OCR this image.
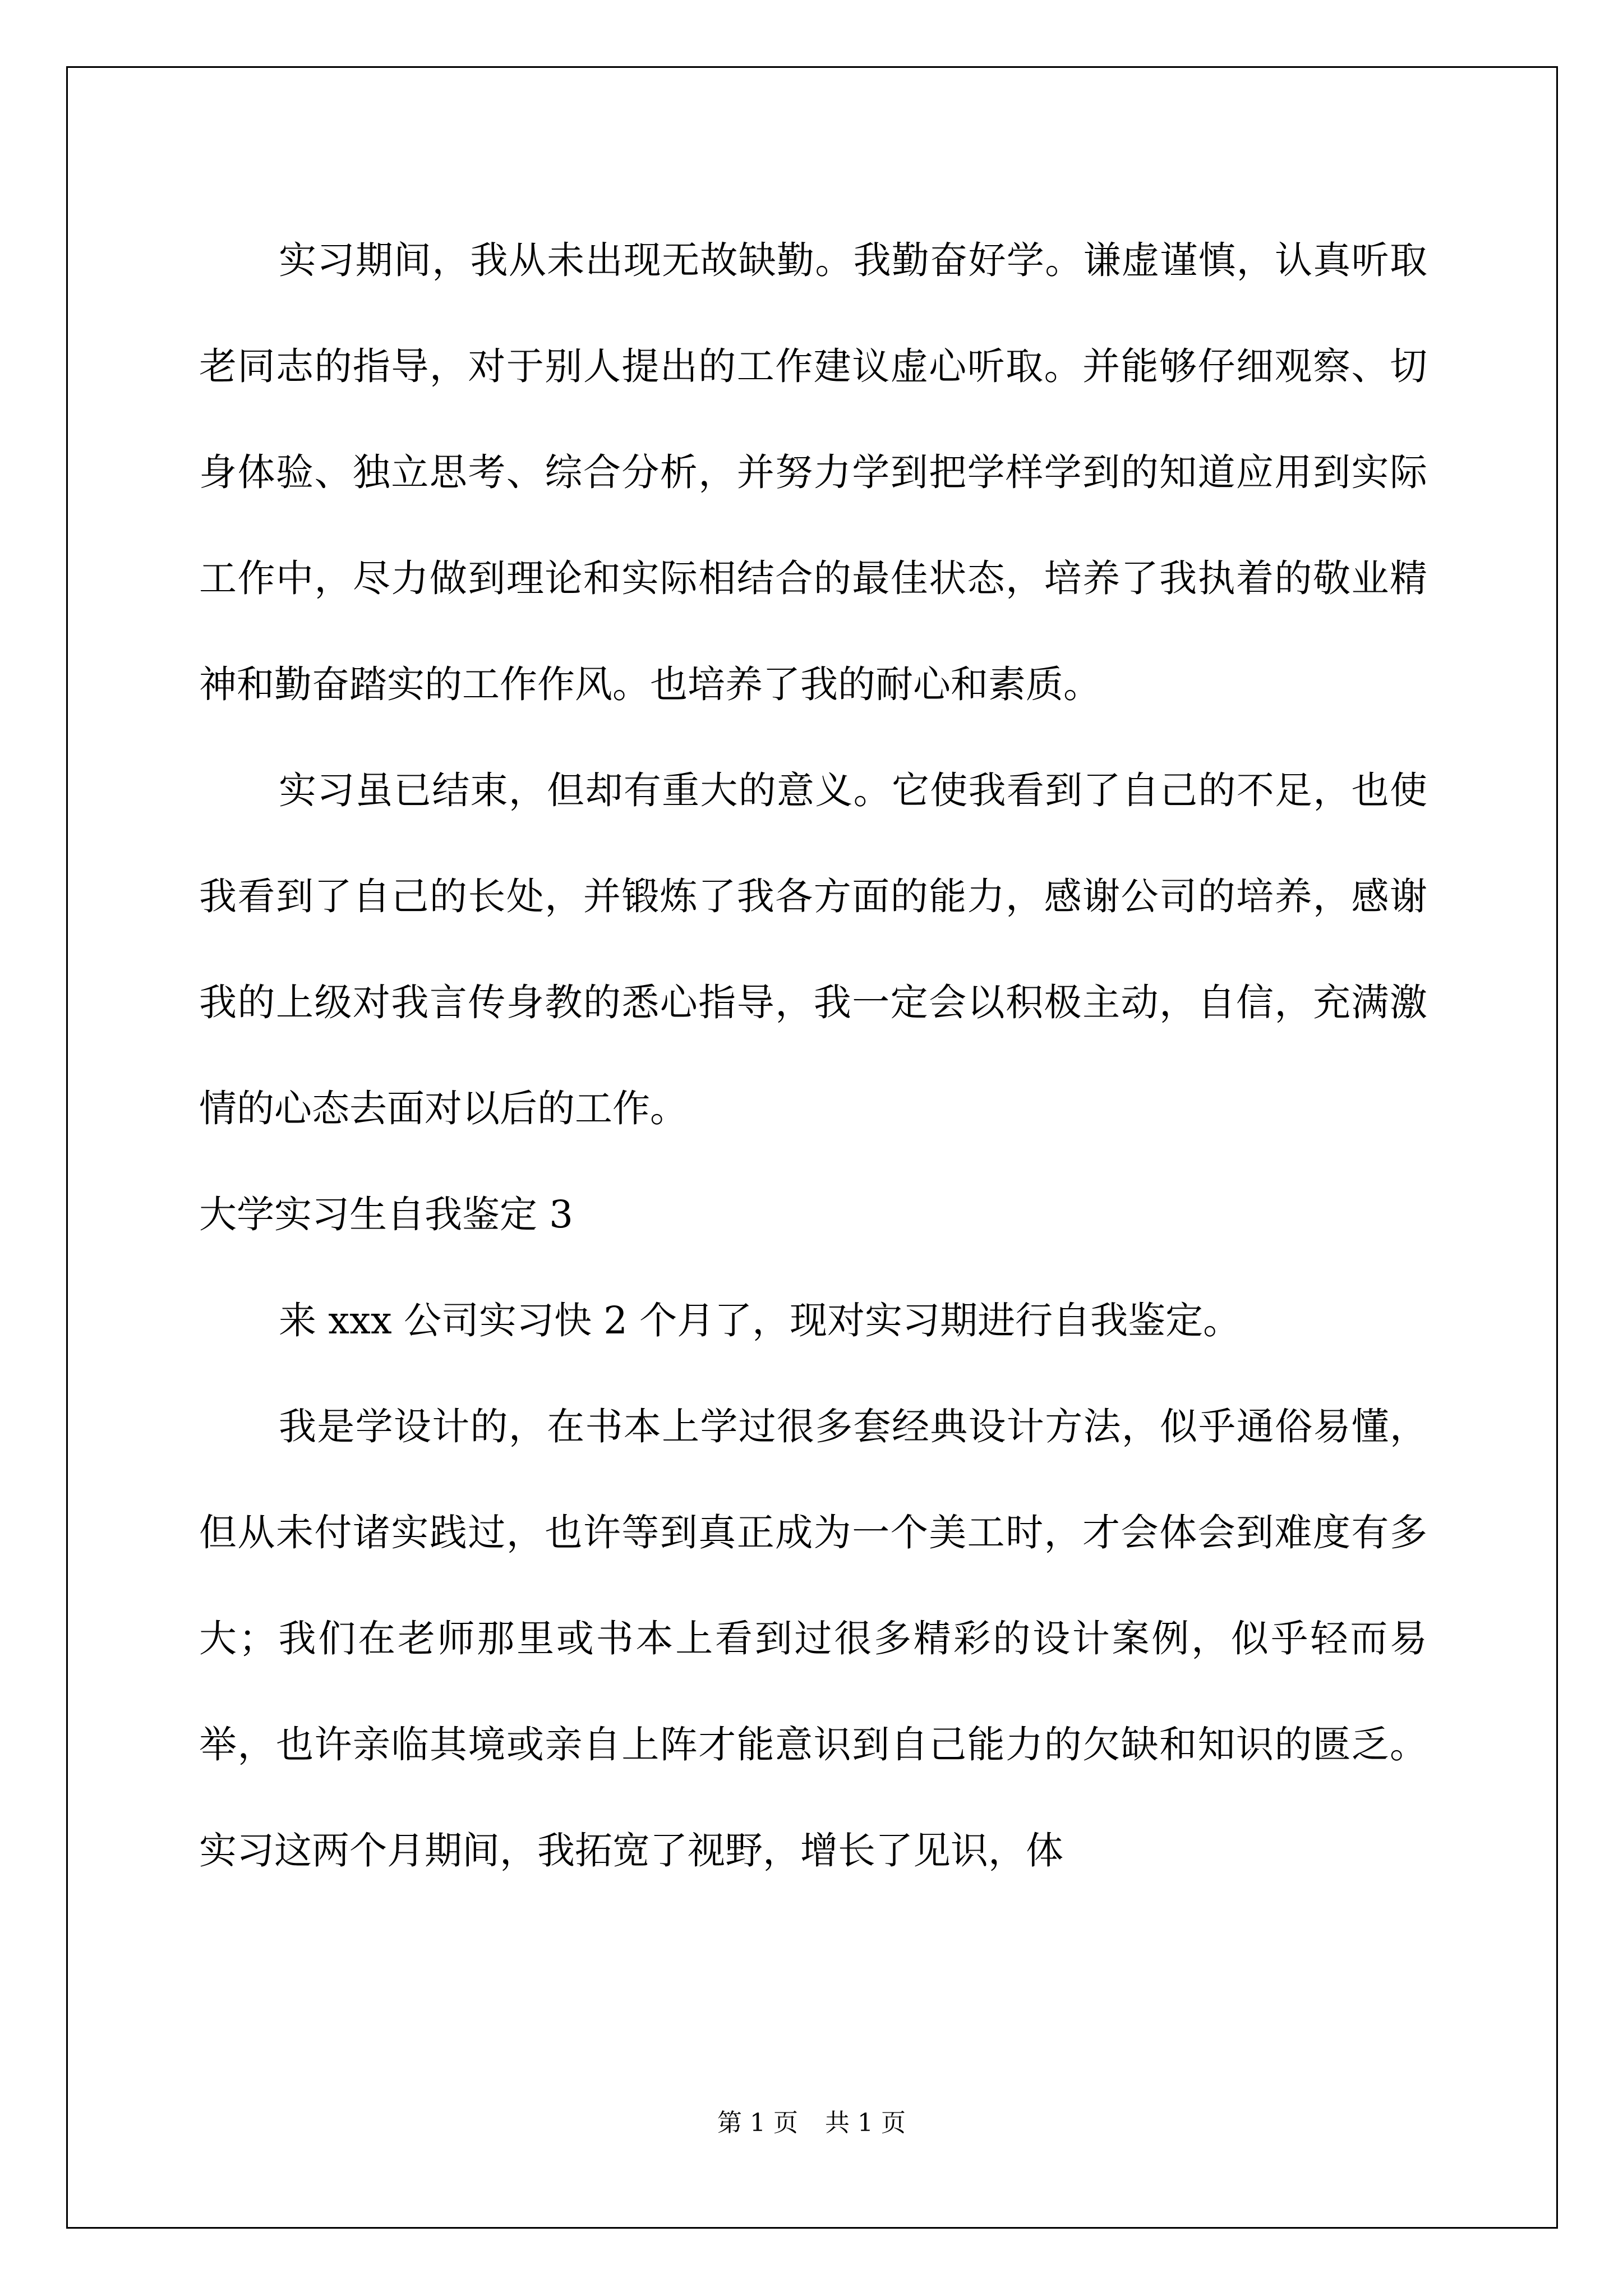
实习期间，我从未出现无故缺勤。我勤奋好学。谦虚谨慎，认真听取老同志的指导，对于别人提出的工作建议虚心听取。并能够仔细观察、切身体验、独立思考、综合分析，并努力学到把学样学到的知道应用到实际工作中，尽力做到理论和实际相结合的最佳状态，培养了我执着的敬业精神和勤奋踏实的工作作风。也培养了我的耐心和素质。

实习虽已结束，但却有重大的意义。它使我看到了自己的不足，也使我看到了自己的长处，并锻炼了我各方面的能力，感谢公司的培养，感谢我的上级对我言传身教的悉心指导，我一定会以积极主动，自信，充满激情的心态去面对以后的工作。

大学实习生自我鉴定 3

来 xxx 公司实习快 2 个月了，现对实习期进行自我鉴定。

我是学设计的，在书本上学过很多套经典设计方法，似乎通俗易懂，但从未付诸实践过，也许等到真正成为一个美工时，才会体会到难度有多大；我们在老师那里或书本上看到过很多精彩的设计案例，似乎轻而易举，也许亲临其境或亲自上阵才能意识到自己能力的欠缺和知识的匮乏。实习这两个月期间，我拓宽了视野，增长了见识，体

第 1 页 共 1 页
